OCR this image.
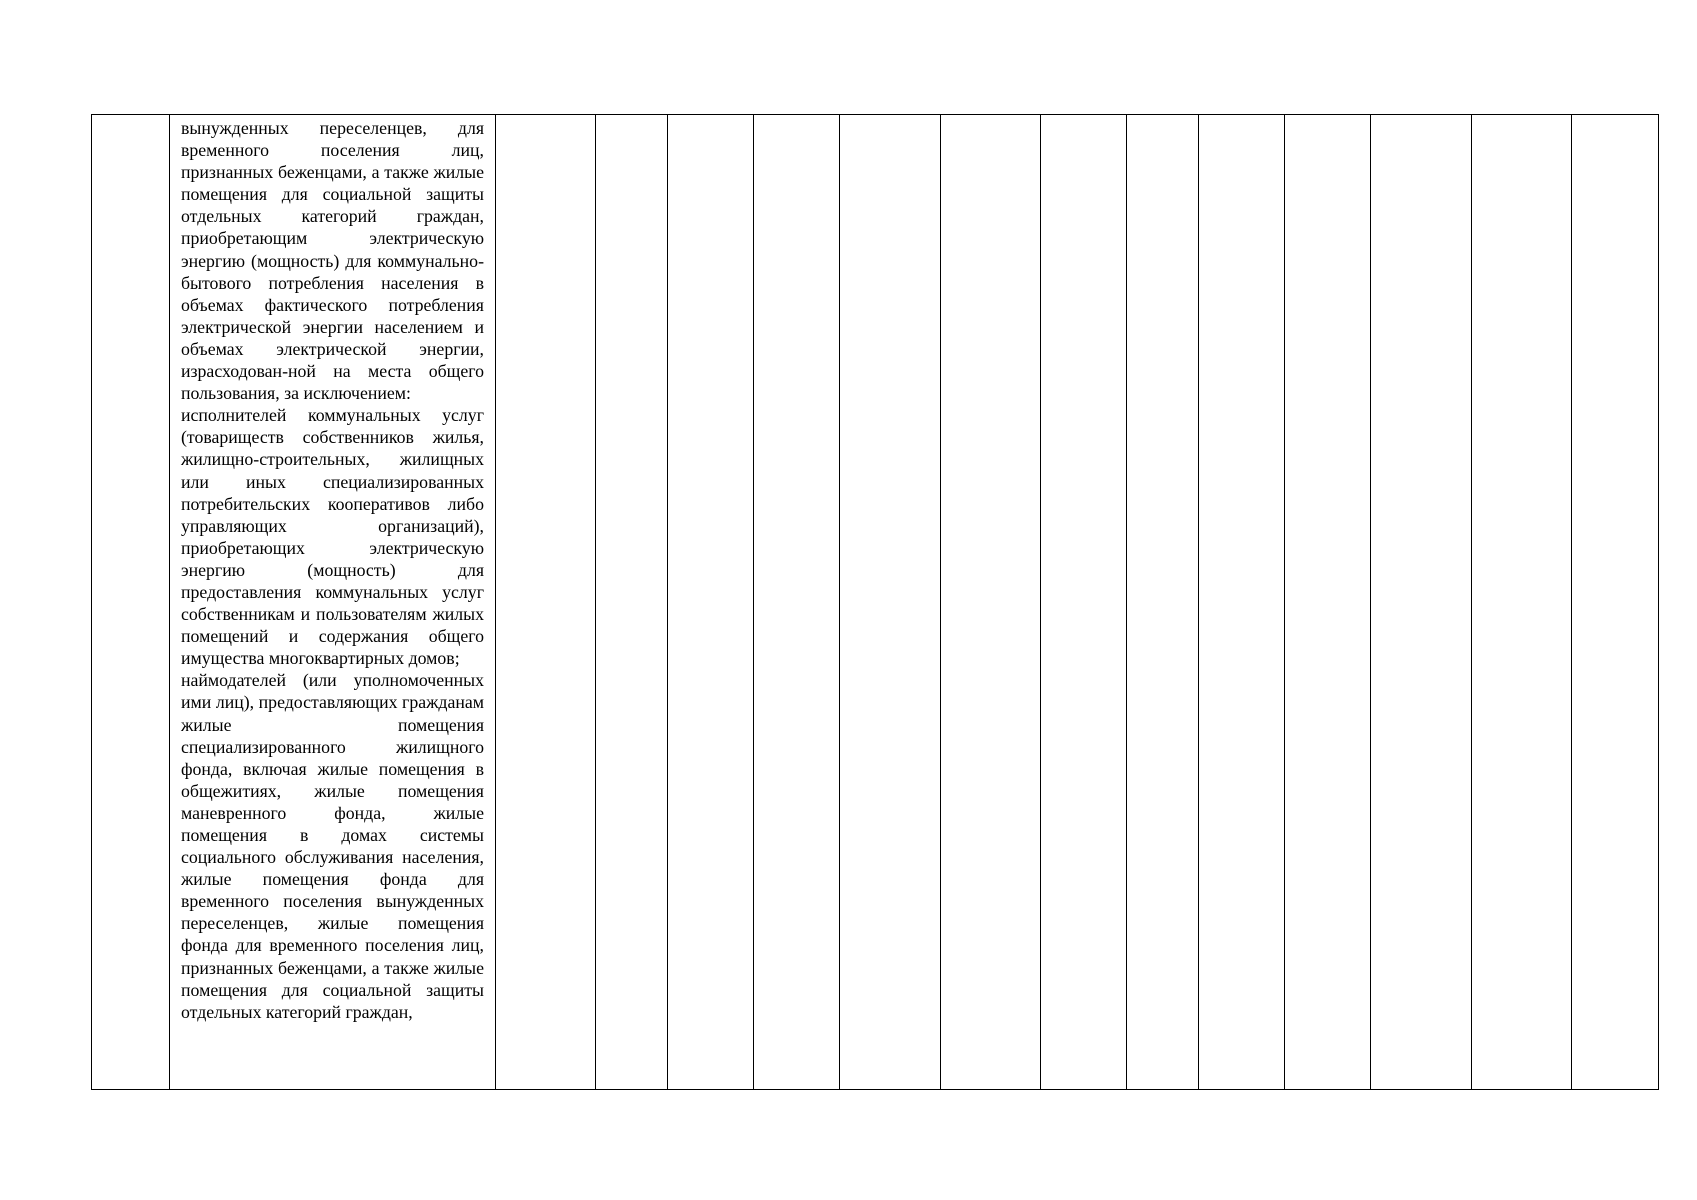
вынужденных переселенцев, для временного поселения лиц, признанных беженцами, а также жилые помещения для социальной защиты отдельных категорий граждан, приобретающим электрическую энергию (мощность) для коммунально-бытового потребления населения в объемах фактического потребления электрической энергии населением и объемах электрической энергии, израсходован-ной на места общего пользования, за исключением:

исполнителей коммунальных услуг (товариществ собственников жилья, жилищно-строительных, жилищных или иных специализированных потребительских кооперативов либо управляющих организаций), приобретающих электрическую энергию (мощность) для предоставления коммунальных услуг собственникам и пользователям жилых помещений и содержания общего имущества многоквартирных домов;

наймодателей (или уполномоченных ими лиц), предоставляющих гражданам жилые помещения специализированного жилищного фонда, включая жилые помещения в общежитиях, жилые помещения маневренного фонда, жилые помещения в домах системы социального обслуживания населения, жилые помещения фонда для временного поселения вынужденных переселенцев, жилые помещения фонда для временного поселения лиц, признанных беженцами, а также жилые помещения для социальной защиты отдельных категорий граждан,
